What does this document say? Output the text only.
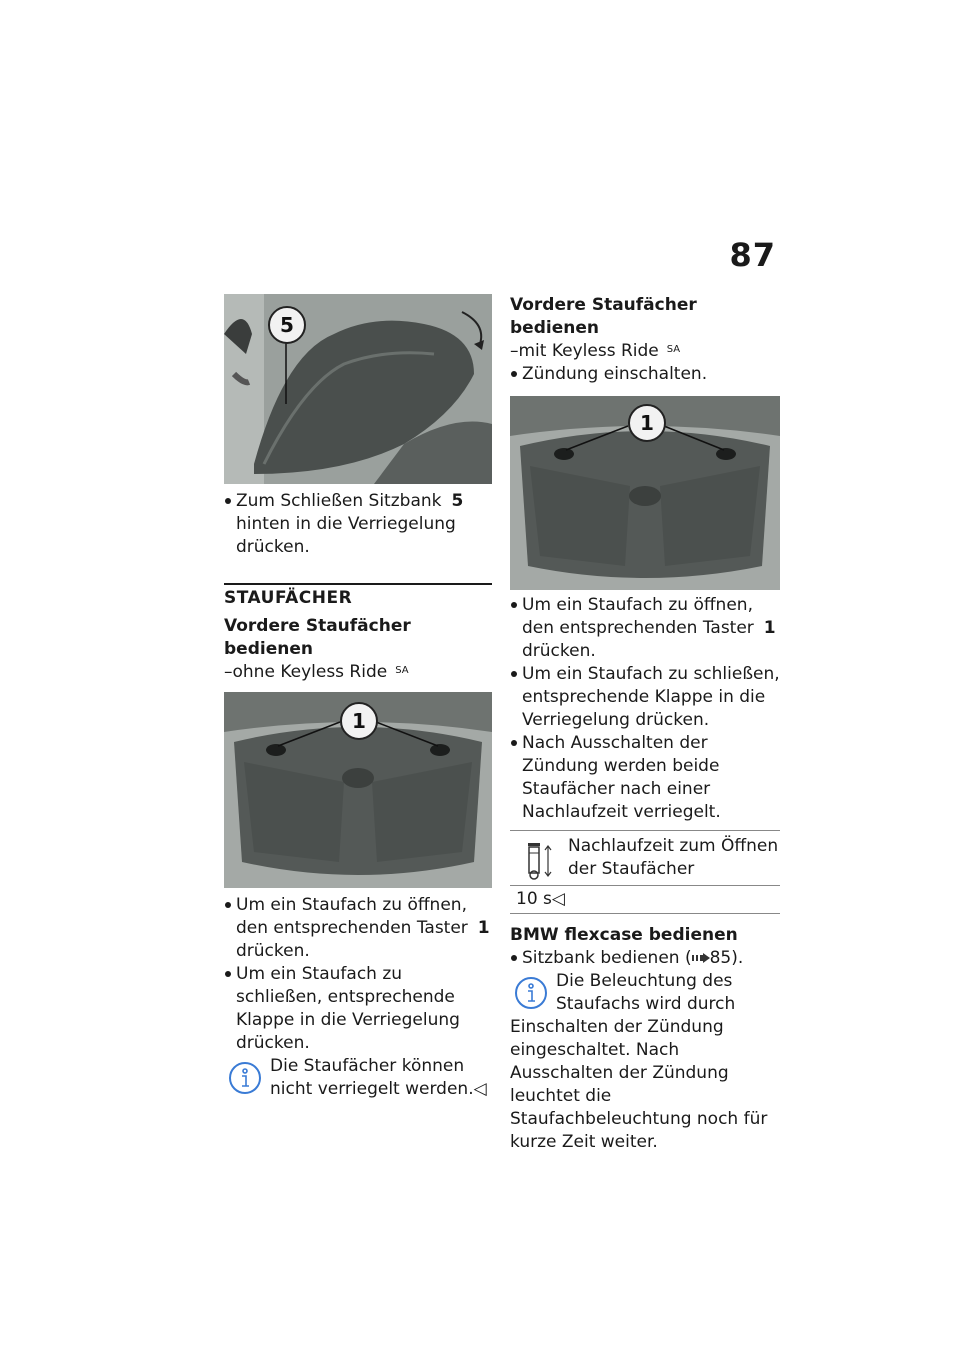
87
5
Zum Schließen Sitzbank 5 hinten in die Verriegelung drücken.
STAUFÄCHER
Vordere Staufächer bedienen
–ohne Keyless Ride $^{SA}$
1
Um ein Staufach zu öffnen, den entsprechenden Taster 1 drücken.
Um ein Staufach zu schließen, entsprechende Klappe in die Verriegelung drücken.
Die Staufächer können nicht verriegelt werden.◁
Vordere Staufächer bedienen
–mit Keyless Ride $^{SA}$
Zündung einschalten.
1
Um ein Staufach zu öffnen, den entsprechenden Taster 1 drücken.
Um ein Staufach zu schließen, entsprechende Klappe in die Verriegelung drücken.
Nach Ausschalten der Zündung werden beide Staufächer nach einer Nachlaufzeit verriegelt.
Nachlaufzeit zum Öffnen der Staufächer
10 s◁
BMW flexcase bedienen
Sitzbank bedienen ( 85).
Die Beleuchtung des Staufachs wird durch Einschalten der Zündung eingeschaltet. Nach Ausschalten der Zündung leuchtet die Staufachbeleuchtung noch für kurze Zeit weiter.
